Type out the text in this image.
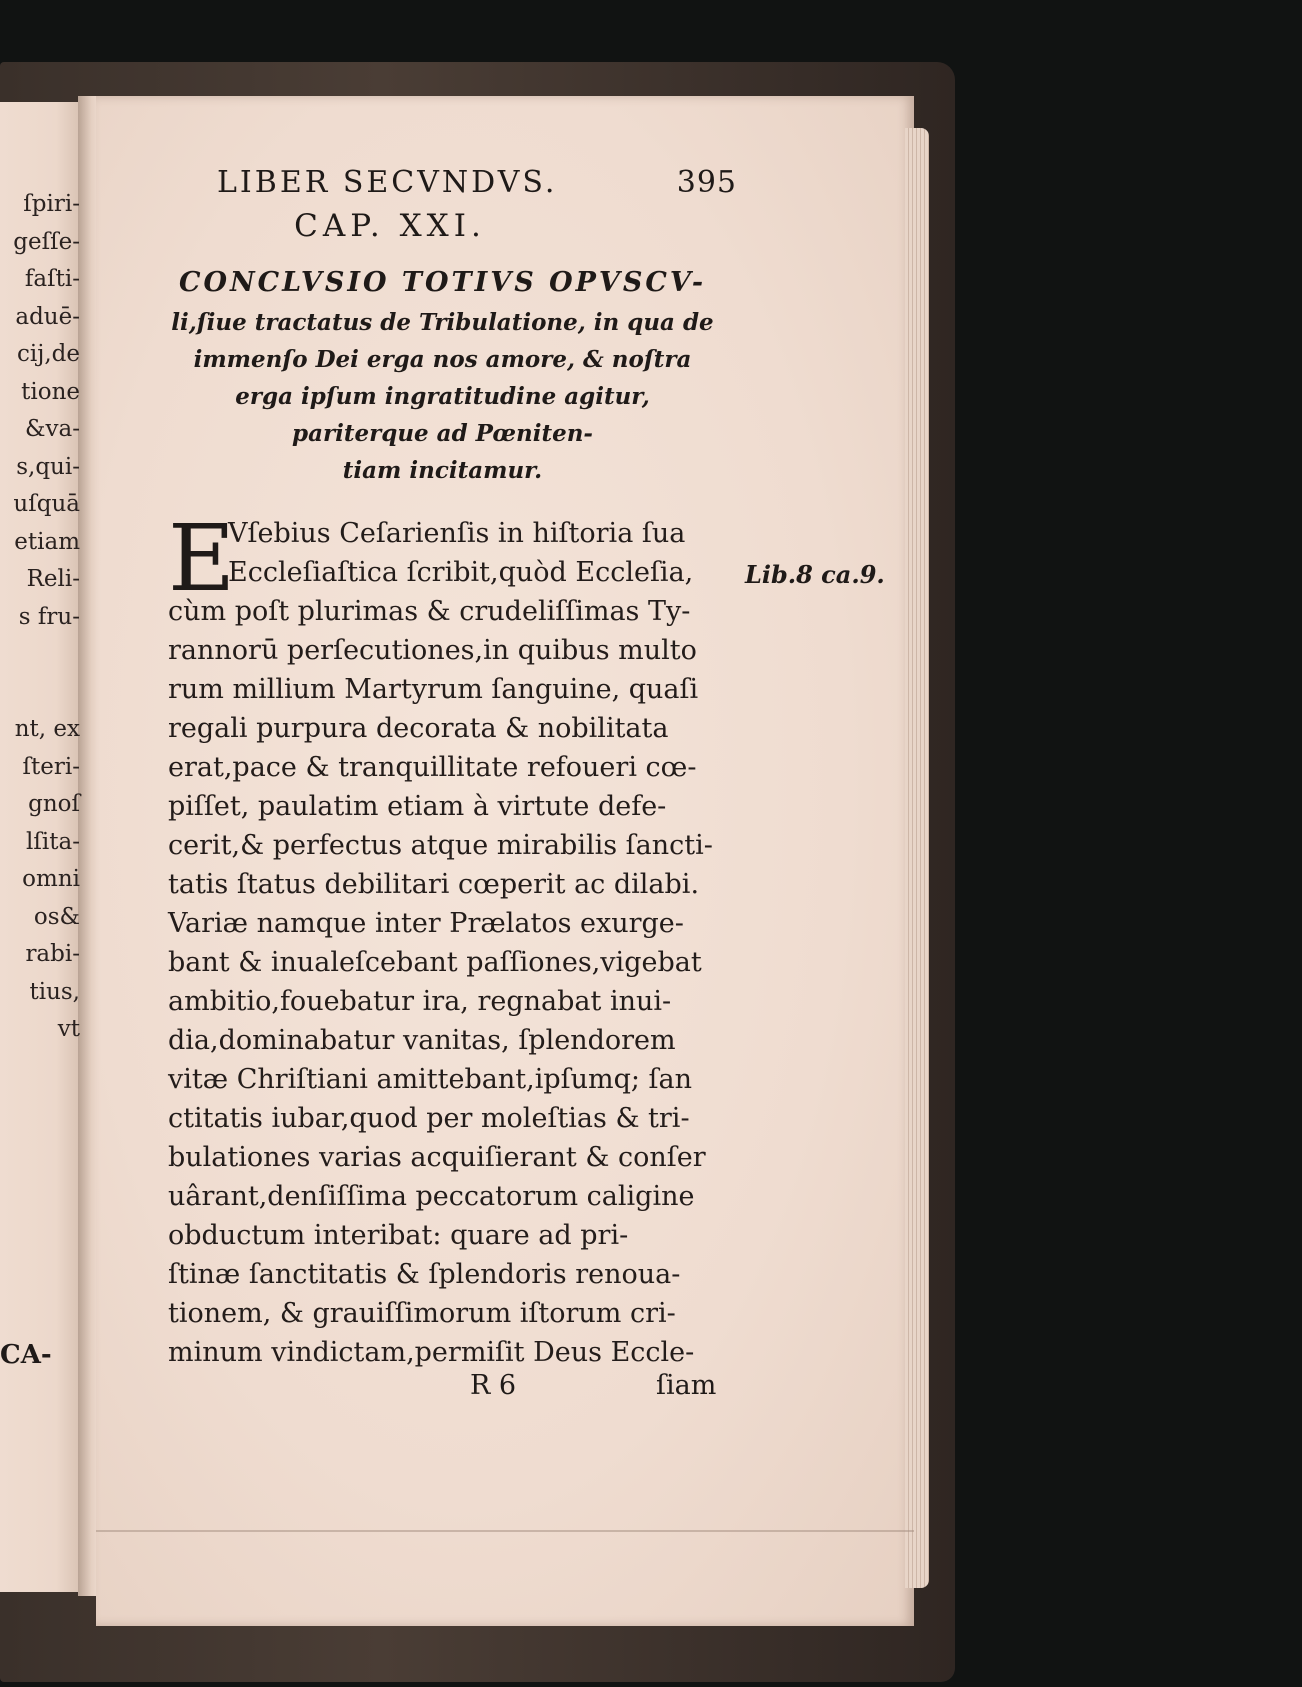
ſpiri-
geſſe-
faſti-
aduē-
cij,de
tione
&va-
s,qui-
uſquā
etiam
Reli-
s fru-
nt, ex
ſteri-
gnoſ
lſita-
omni
os&
rabi-
tius,
vt
CA-
LIBER SECVNDVS.	395
CAP. XXI.
CONCLVSIO TOTIVS OPVSCV-
li,ſiue tractatus de Tribulatione, in qua de
immenſo Dei erga nos amore, & noſtra
erga ipſum ingratitudine agitur,
pariterque ad Pœniten-
tiam incitamur.
E
Vſebius Ceſarienſis in hiſtoria ſua
Eccleſiaſtica ſcribit,quòd Eccleſia,
cùm poſt plurimas & crudeliſſimas Ty-
rannorū perſecutiones,in quibus multo
rum millium Martyrum ſanguine, quaſi
regali purpura decorata & nobilitata
erat,pace & tranquillitate refoueri cœ-
piſſet, paulatim etiam à virtute defe-
cerit,& perfectus atque mirabilis ſancti-
tatis ſtatus debilitari cœperit ac dilabi.
Variæ namque inter Prælatos exurge-
bant & inualeſcebant paſſiones,vigebat
ambitio,fouebatur ira, regnabat inui-
dia,dominabatur vanitas, ſplendorem
vitæ Chriſtiani amittebant,ipſumq; ſan
ctitatis iubar,quod per moleſtias & tri-
bulationes varias acquiſierant & conſer
uârant,denſiſſima peccatorum caligine
obductum interibat: quare ad pri-
ſtinæ ſanctitatis & ſplendoris renoua-
tionem, & grauiſſimorum iſtorum cri-
minum vindictam,permiſit Deus Eccle-
Lib.8 ca.9.
R 6	ſiam
